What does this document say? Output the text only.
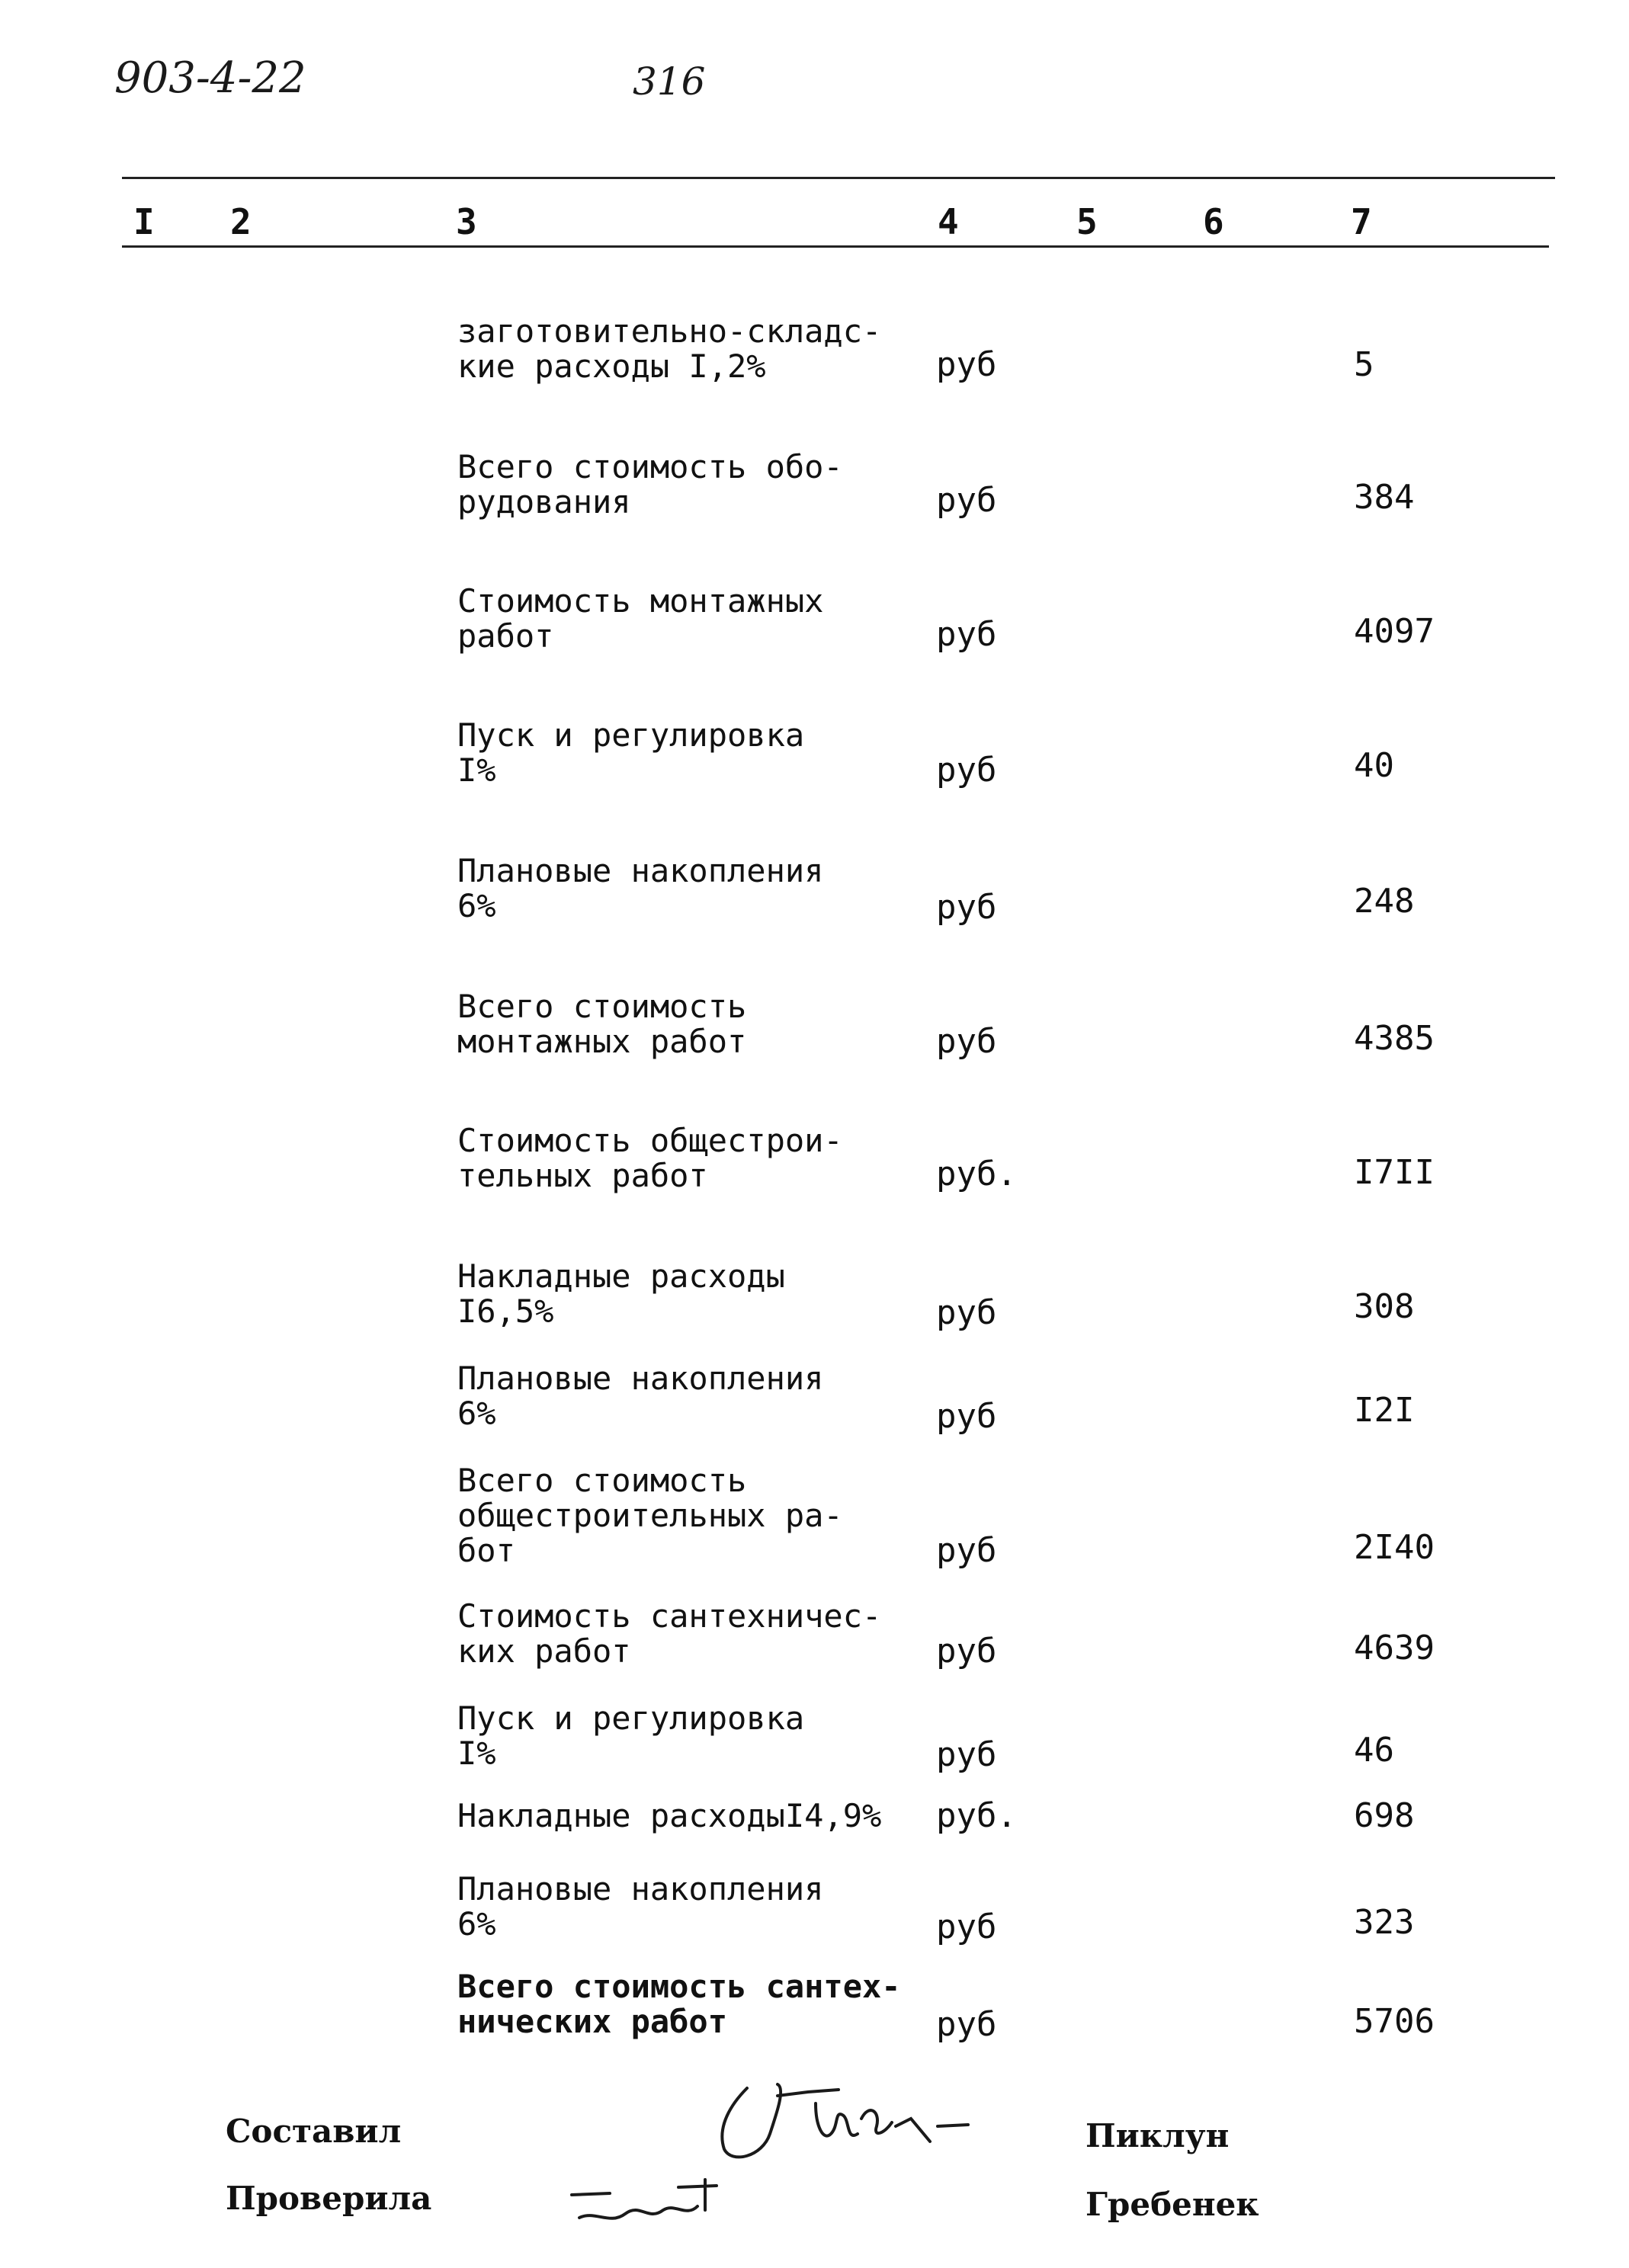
903-4-22	316
I 2	3	4	5	6	7
заготовительно-складс-
кие расходы I,2%	руб	5
Всего стоимость обо-
рудования	руб	384
Стоимость монтажных
работ	руб	4097
Пуск и регулировка
I%	руб	40
Плановые накопления
6%	руб	248
Всего стоимость
монтажных работ	руб	4385
Стоимость общестрои-
тельных работ	руб.	I7II
Накладные расходы
I6,5%	руб	308
Плановые накопления
6%	руб	I2I
Всего стоимость
общестроительных ра-
бот	руб	2I40
Стоимость сантехничес-
ких работ	руб	4639
Пуск и регулировка
I%	руб	46
Накладные расходыI4,9%	руб.	698
Плановые накопления
6%	руб	323
Всего стоимость сантех-
нических работ	руб	5706
Составил
Проверила
Пиклун
Гребенек
